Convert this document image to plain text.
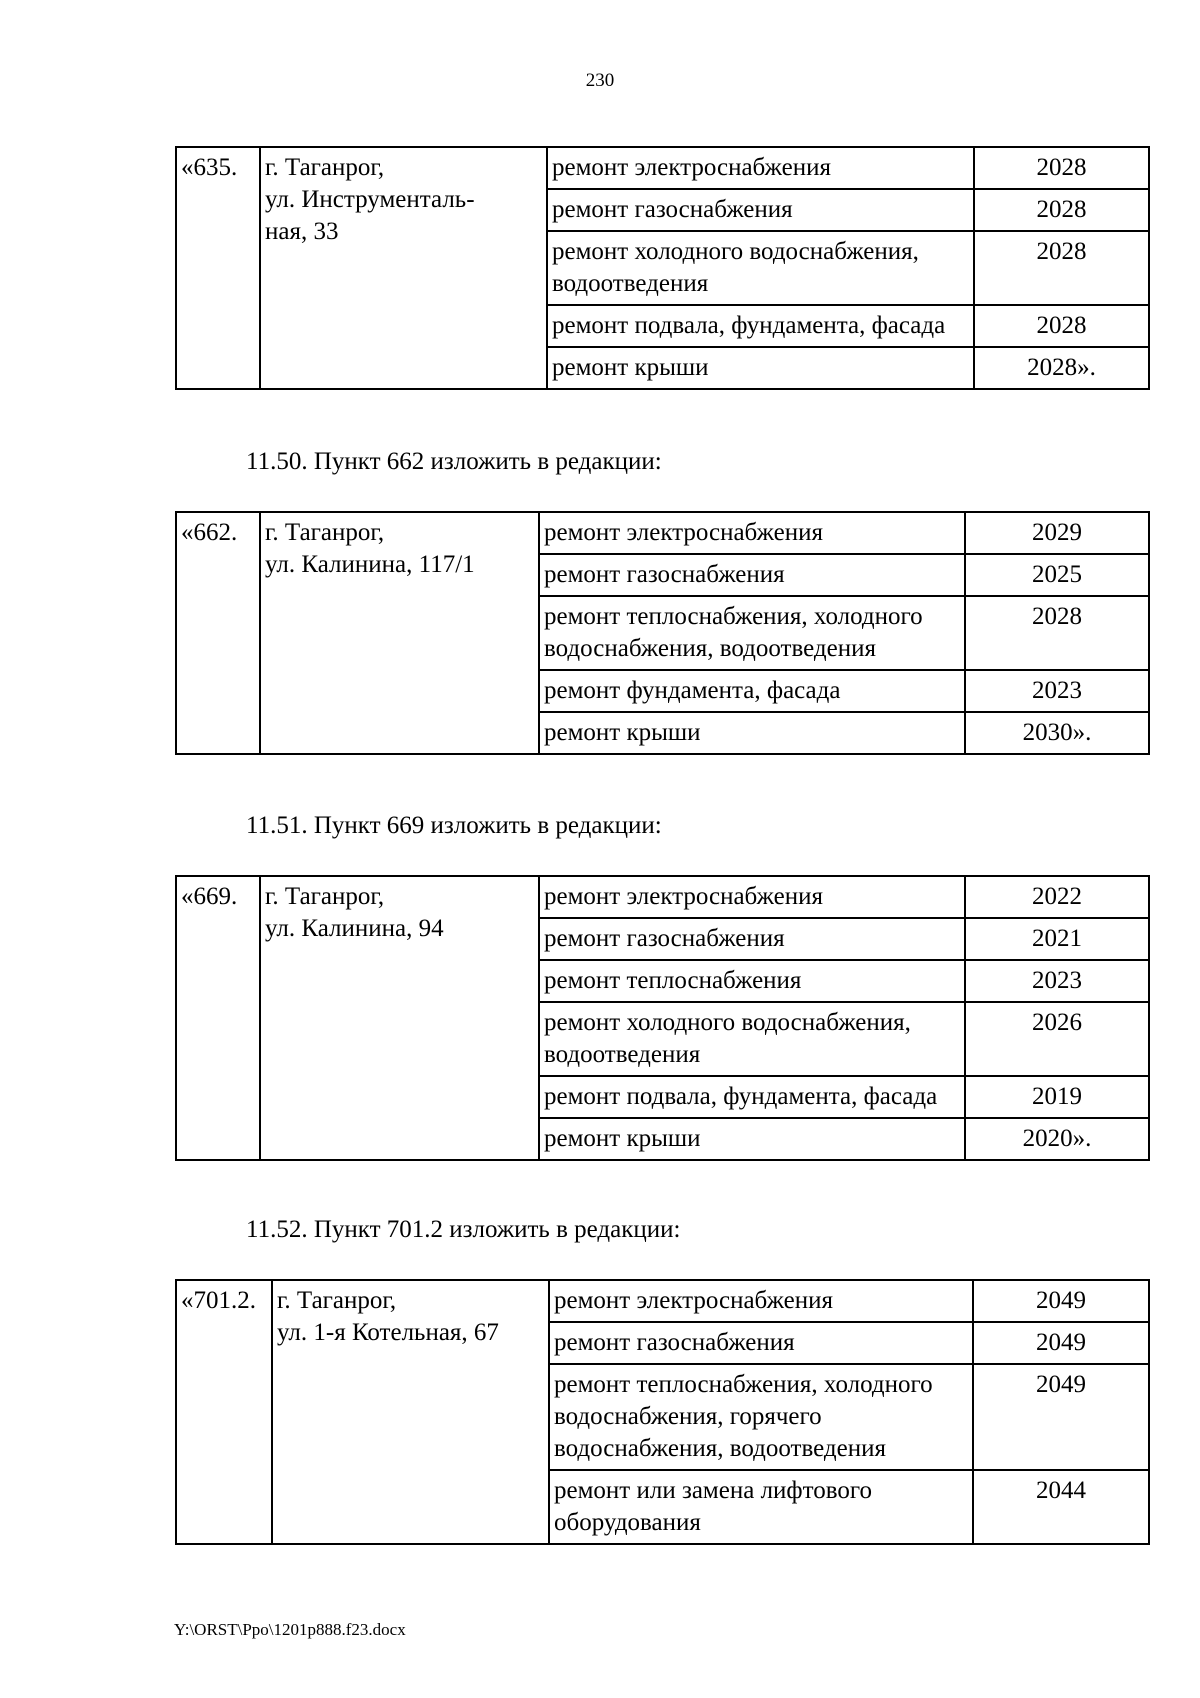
230
«635.	г. Таганрог,
ул. Инструменталь-
ная, 33	ремонт электроснабжения	2028
		ремонт газоснабжения	2028
		ремонт холодного водоснабжения, водоотведения	2028
		ремонт подвала, фундамента, фасада	2028
		ремонт крыши	2028».
11.50. Пункт 662 изложить в редакции:
«662.	г. Таганрог,
ул. Калинина, 117/1	ремонт электроснабжения	2029
		ремонт газоснабжения	2025
		ремонт теплоснабжения, холодного водоснабжения, водоотведения	2028
		ремонт фундамента, фасада	2023
		ремонт крыши	2030».
11.51. Пункт 669 изложить в редакции:
«669.	г. Таганрог,
ул. Калинина, 94	ремонт электроснабжения	2022
		ремонт газоснабжения	2021
		ремонт теплоснабжения	2023
		ремонт холодного водоснабжения, водоотведения	2026
		ремонт подвала, фундамента, фасада	2019
		ремонт крыши	2020».
11.52. Пункт 701.2 изложить в редакции:
«701.2.	г. Таганрог,
ул. 1-я Котельная, 67	ремонт электроснабжения	2049
		ремонт газоснабжения	2049
		ремонт теплоснабжения, холодного водоснабжения, горячего водоснабжения, водоотведения	2049
		ремонт или замена лифтового оборудования	2044
Y:\ORST\Ppo\1201p888.f23.docx
